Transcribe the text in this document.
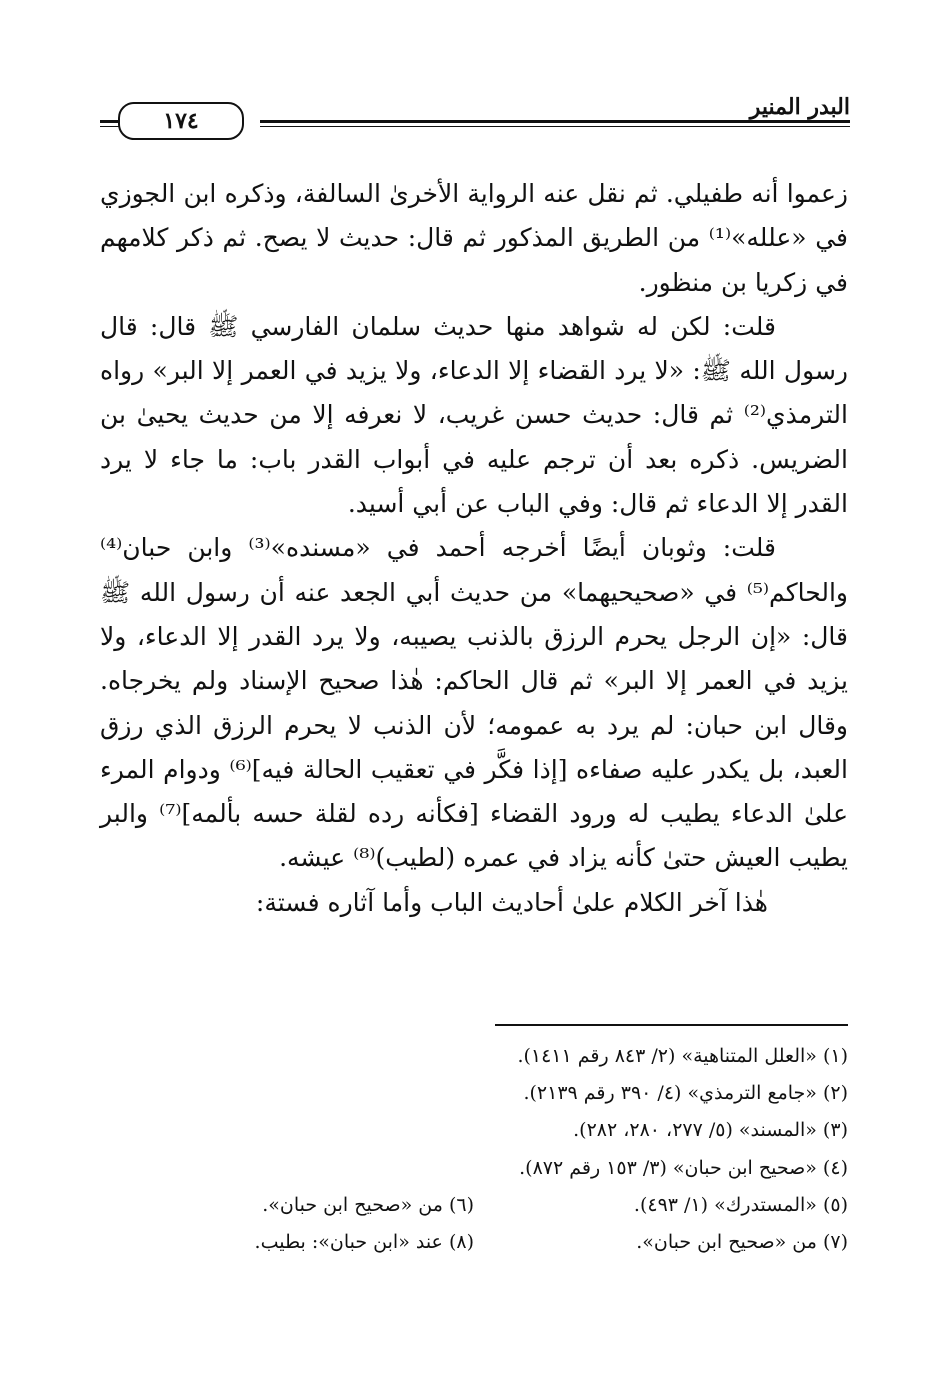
١٧٤
البدر المنير

زعموا أنه طفيلي. ثم نقل عنه الرواية الأخرىٰ السالفة، وذكره ابن الجوزي في «علله»⁽¹⁾ من الطريق المذكور ثم قال: حديث لا يصح. ثم ذكر كلامهم في زكريا بن منظور.

قلت: لكن له شواهد منها حديث سلمان الفارسي ﷺ قال: قال رسول الله ﷺ: «لا يرد القضاء إلا الدعاء، ولا يزيد في العمر إلا البر» رواه الترمذي⁽²⁾ ثم قال: حديث حسن غريب، لا نعرفه إلا من حديث يحيىٰ بن الضريس. ذكره بعد أن ترجم عليه في أبواب القدر باب: ما جاء لا يرد القدر إلا الدعاء ثم قال: وفي الباب عن أبي أسيد.

قلت: وثوبان أيضًا أخرجه أحمد في «مسنده»⁽³⁾ وابن حبان⁽⁴⁾ والحاكم⁽⁵⁾ في «صحيحيهما» من حديث أبي الجعد عنه أن رسول الله ﷺ قال: «إن الرجل يحرم الرزق بالذنب يصيبه، ولا يرد القدر إلا الدعاء، ولا يزيد في العمر إلا البر» ثم قال الحاكم: هٰذا صحيح الإسناد ولم يخرجاه. وقال ابن حبان: لم يرد به عمومه؛ لأن الذنب لا يحرم الرزق الذي رزق العبد، بل يكدر عليه صفاءه [إذا فكَّر في تعقيب الحالة فيه]⁽⁶⁾ ودوام المرء علىٰ الدعاء يطيب له ورود القضاء [فكأنه رده لقلة حسه بألمه]⁽⁷⁾ والبر يطيب العيش حتىٰ كأنه يزاد في عمره (لطيب)⁽⁸⁾ عيشه.

هٰذا آخر الكلام علىٰ أحاديث الباب وأما آثاره فستة:

(١) «العلل المتناهية» (٢/ ٨٤٣ رقم ١٤١١).
(٢) «جامع الترمذي» (٤/ ٣٩٠ رقم ٢١٣٩).
(٣) «المسند» (٥/ ٢٧٧، ٢٨٠، ٢٨٢).
(٤) «صحيح ابن حبان» (٣/ ١٥٣ رقم ٨٧٢).
(٥) «المستدرك» (١/ ٤٩٣).
(٦) من «صحيح ابن حبان».
(٧) من «صحيح ابن حبان».
(٨) عند «ابن حبان»: بطيب.
